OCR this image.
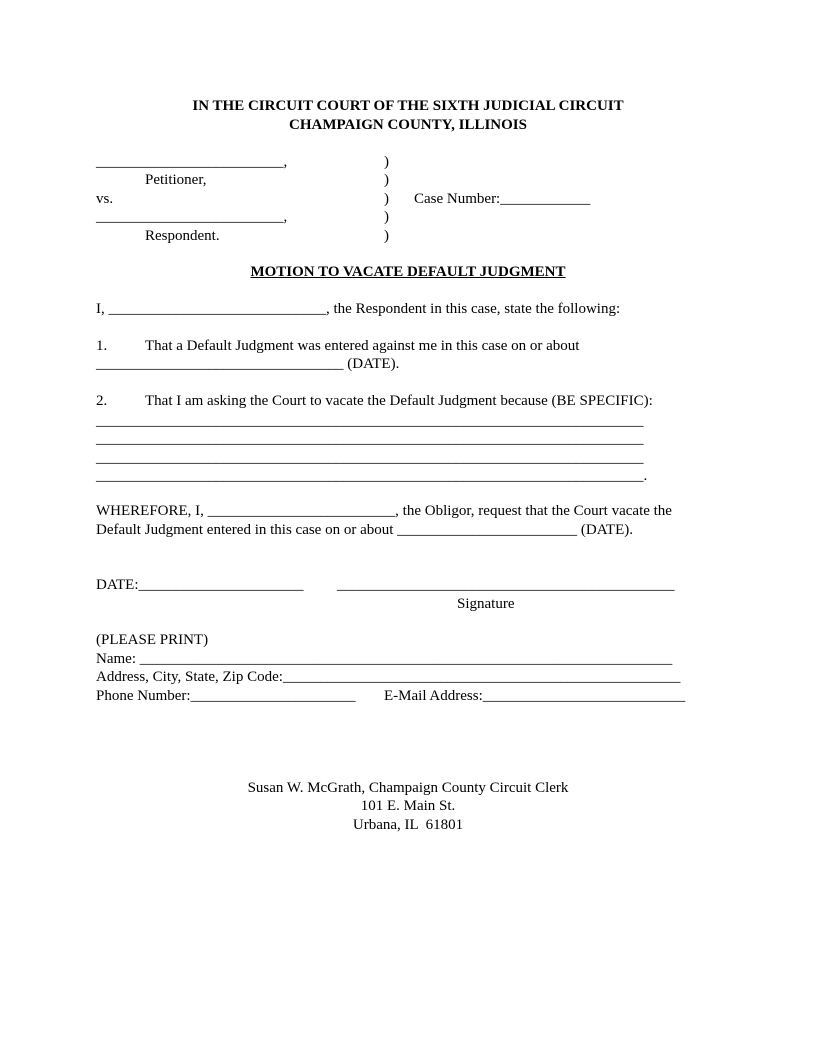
IN THE CIRCUIT COURT OF THE SIXTH JUDICIAL CIRCUIT
CHAMPAIGN COUNTY, ILLINOIS
_________________________,
Petitioner,
vs.
_________________________,
Respondent.
)
)
)
)
)
Case Number:____________
MOTION TO VACATE DEFAULT JUDGMENT
I, _____________________________, the Respondent in this case, state the following:
1.	That a Default Judgment was entered against me in this case on or about
_________________________________ (DATE).
2.	That I am asking the Court to vacate the Default Judgment because (BE SPECIFIC):
_________________________________________________________________________
_________________________________________________________________________
_________________________________________________________________________
_________________________________________________________________________.
WHEREFORE, I, _________________________, the Obligor, request that the Court vacate the
Default Judgment entered in this case on or about ________________________ (DATE).
DATE:______________________ _____________________________________________
Signature
(PLEASE PRINT)
Name: _______________________________________________________________________
Address, City, State, Zip Code:_____________________________________________________
Phone Number:______________________ E-Mail Address:___________________________
Susan W. McGrath, Champaign County Circuit Clerk
101 E. Main St.
Urbana, IL  61801
